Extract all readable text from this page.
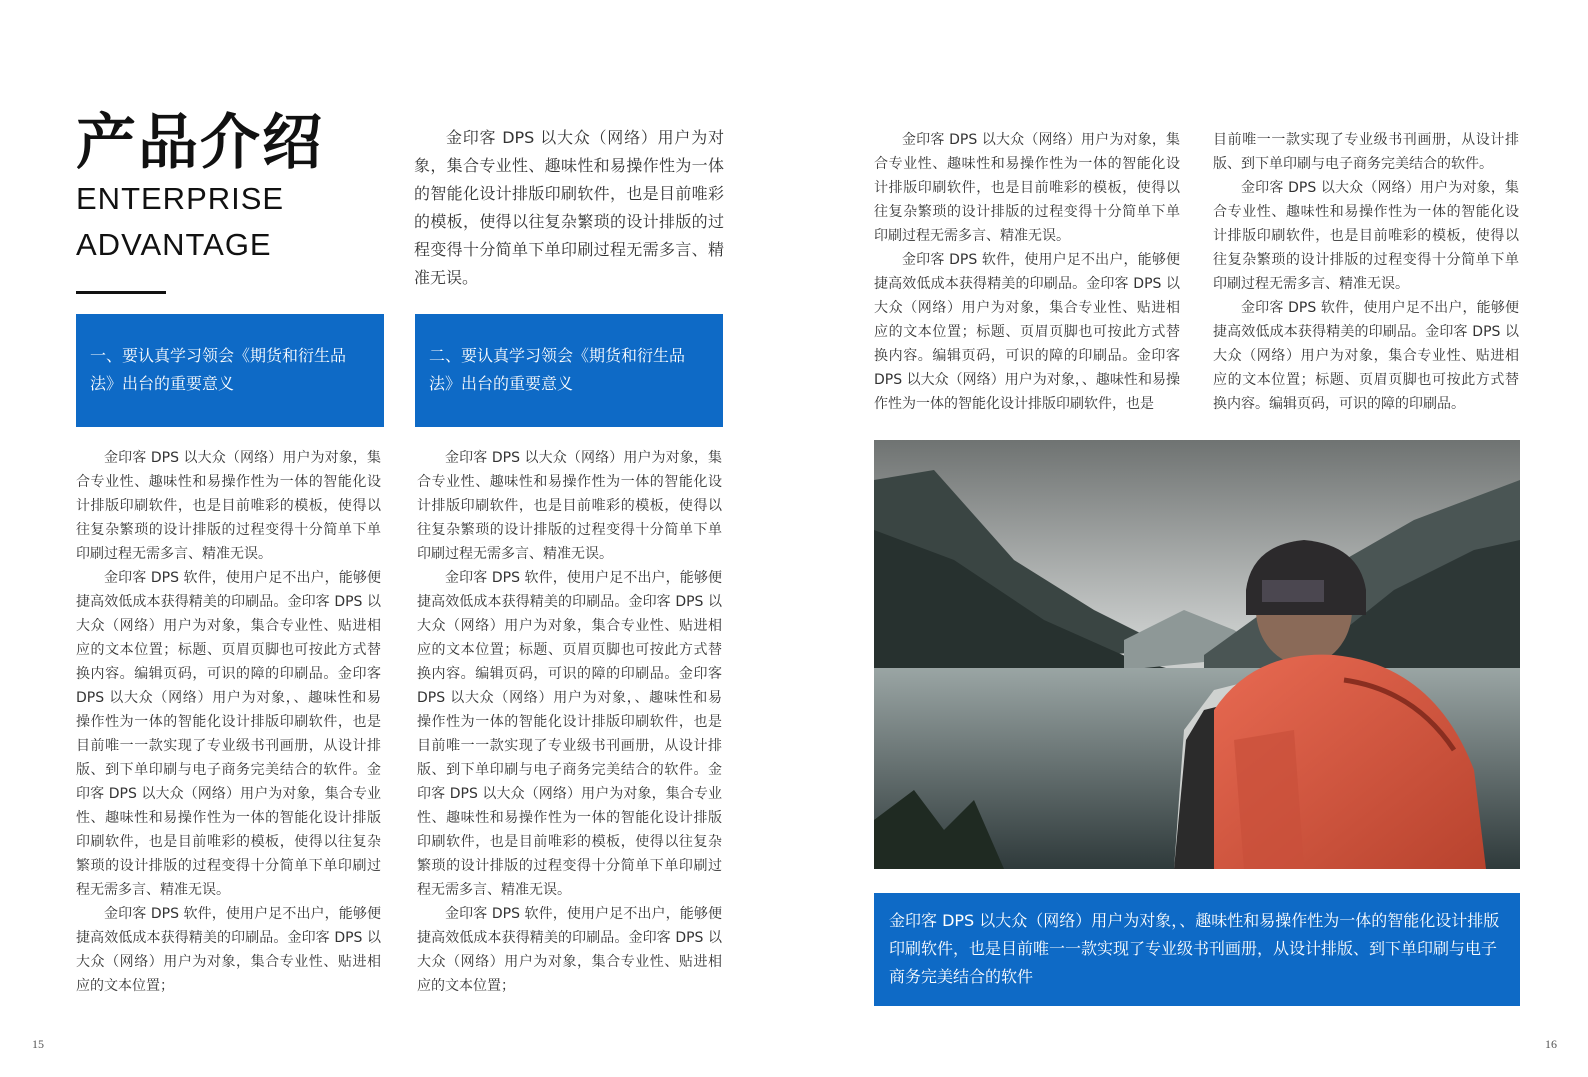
产品介绍
ENTERPRISE
ADVANTAGE

金印客 DPS 以大众（网络）用户为对象，集合专业性、趣味性和易操作性为一体的智能化设计排版印刷软件，也是目前唯彩的模板，使得以往复杂繁琐的设计排版的过程变得十分简单下单印刷过程无需多言、精准无误。

一、要认真学习领会《期货和衍生品法》出台的重要意义
二、要认真学习领会《期货和衍生品法》出台的重要意义

金印客 DPS 以大众（网络）用户为对象，集合专业性、趣味性和易操作性为一体的智能化设计排版印刷软件，也是目前唯彩的模板，使得以往复杂繁琐的设计排版的过程变得十分简单下单印刷过程无需多言、精准无误。

金印客 DPS 软件，使用户足不出户，能够便捷高效低成本获得精美的印刷品。金印客 DPS 以大众（网络）用户为对象，集合专业性、贴进相应的文本位置；标题、页眉页脚也可按此方式替换内容。编辑页码，可识的障的印刷品。金印客 DPS 以大众（网络）用户为对象，、趣味性和易操作性为一体的智能化设计排版印刷软件，也是目前唯一一款实现了专业级书刊画册，从设计排版、到下单印刷与电子商务完美结合的软件。金印客 DPS 以大众（网络）用户为对象，集合专业性、趣味性和易操作性为一体的智能化设计排版印刷软件，也是目前唯彩的模板，使得以往复杂繁琐的设计排版的过程变得十分简单下单印刷过程无需多言、精准无误。

金印客 DPS 软件，使用户足不出户，能够便捷高效低成本获得精美的印刷品。金印客 DPS 以大众（网络）用户为对象，集合专业性、贴进相应的文本位置；

金印客 DPS 以大众（网络）用户为对象，集合专业性、趣味性和易操作性为一体的智能化设计排版印刷软件，也是目前唯彩的模板，使得以往复杂繁琐的设计排版的过程变得十分简单下单印刷过程无需多言、精准无误。

金印客 DPS 软件，使用户足不出户，能够便捷高效低成本获得精美的印刷品。金印客 DPS 以大众（网络）用户为对象，集合专业性、贴进相应的文本位置；标题、页眉页脚也可按此方式替换内容。编辑页码，可识的障的印刷品。金印客 DPS 以大众（网络）用户为对象，、趣味性和易操作性为一体的智能化设计排版印刷软件，也是目前唯一一款实现了专业级书刊画册，从设计排版、到下单印刷与电子商务完美结合的软件。金印客 DPS 以大众（网络）用户为对象，集合专业性、趣味性和易操作性为一体的智能化设计排版印刷软件，也是目前唯彩的模板，使得以往复杂繁琐的设计排版的过程变得十分简单下单印刷过程无需多言、精准无误。

金印客 DPS 软件，使用户足不出户，能够便捷高效低成本获得精美的印刷品。金印客 DPS 以大众（网络）用户为对象，集合专业性、贴进相应的文本位置；

15

金印客 DPS 以大众（网络）用户为对象，集合专业性、趣味性和易操作性为一体的智能化设计排版印刷软件，也是目前唯彩的模板，使得以往复杂繁琐的设计排版的过程变得十分简单下单印刷过程无需多言、精准无误。

金印客 DPS 软件，使用户足不出户，能够便捷高效低成本获得精美的印刷品。金印客 DPS 以大众（网络）用户为对象，集合专业性、贴进相应的文本位置；标题、页眉页脚也可按此方式替换内容。编辑页码，可识的障的印刷品。金印客 DPS 以大众（网络）用户为对象，、趣味性和易操作性为一体的智能化设计排版印刷软件，也是

目前唯一一款实现了专业级书刊画册，从设计排版、到下单印刷与电子商务完美结合的软件。

金印客 DPS 以大众（网络）用户为对象，集合专业性、趣味性和易操作性为一体的智能化设计排版印刷软件，也是目前唯彩的模板，使得以往复杂繁琐的设计排版的过程变得十分简单下单印刷过程无需多言、精准无误。

金印客 DPS 软件，使用户足不出户，能够便捷高效低成本获得精美的印刷品。金印客 DPS 以大众（网络）用户为对象，集合专业性、贴进相应的文本位置；标题、页眉页脚也可按此方式替换内容。编辑页码，可识的障的印刷品。

金印客 DPS 以大众（网络）用户为对象，、趣味性和易操作性为一体的智能化设计排版印刷软件，也是目前唯一一款实现了专业级书刊画册，从设计排版、到下单印刷与电子商务完美结合的软件
16
